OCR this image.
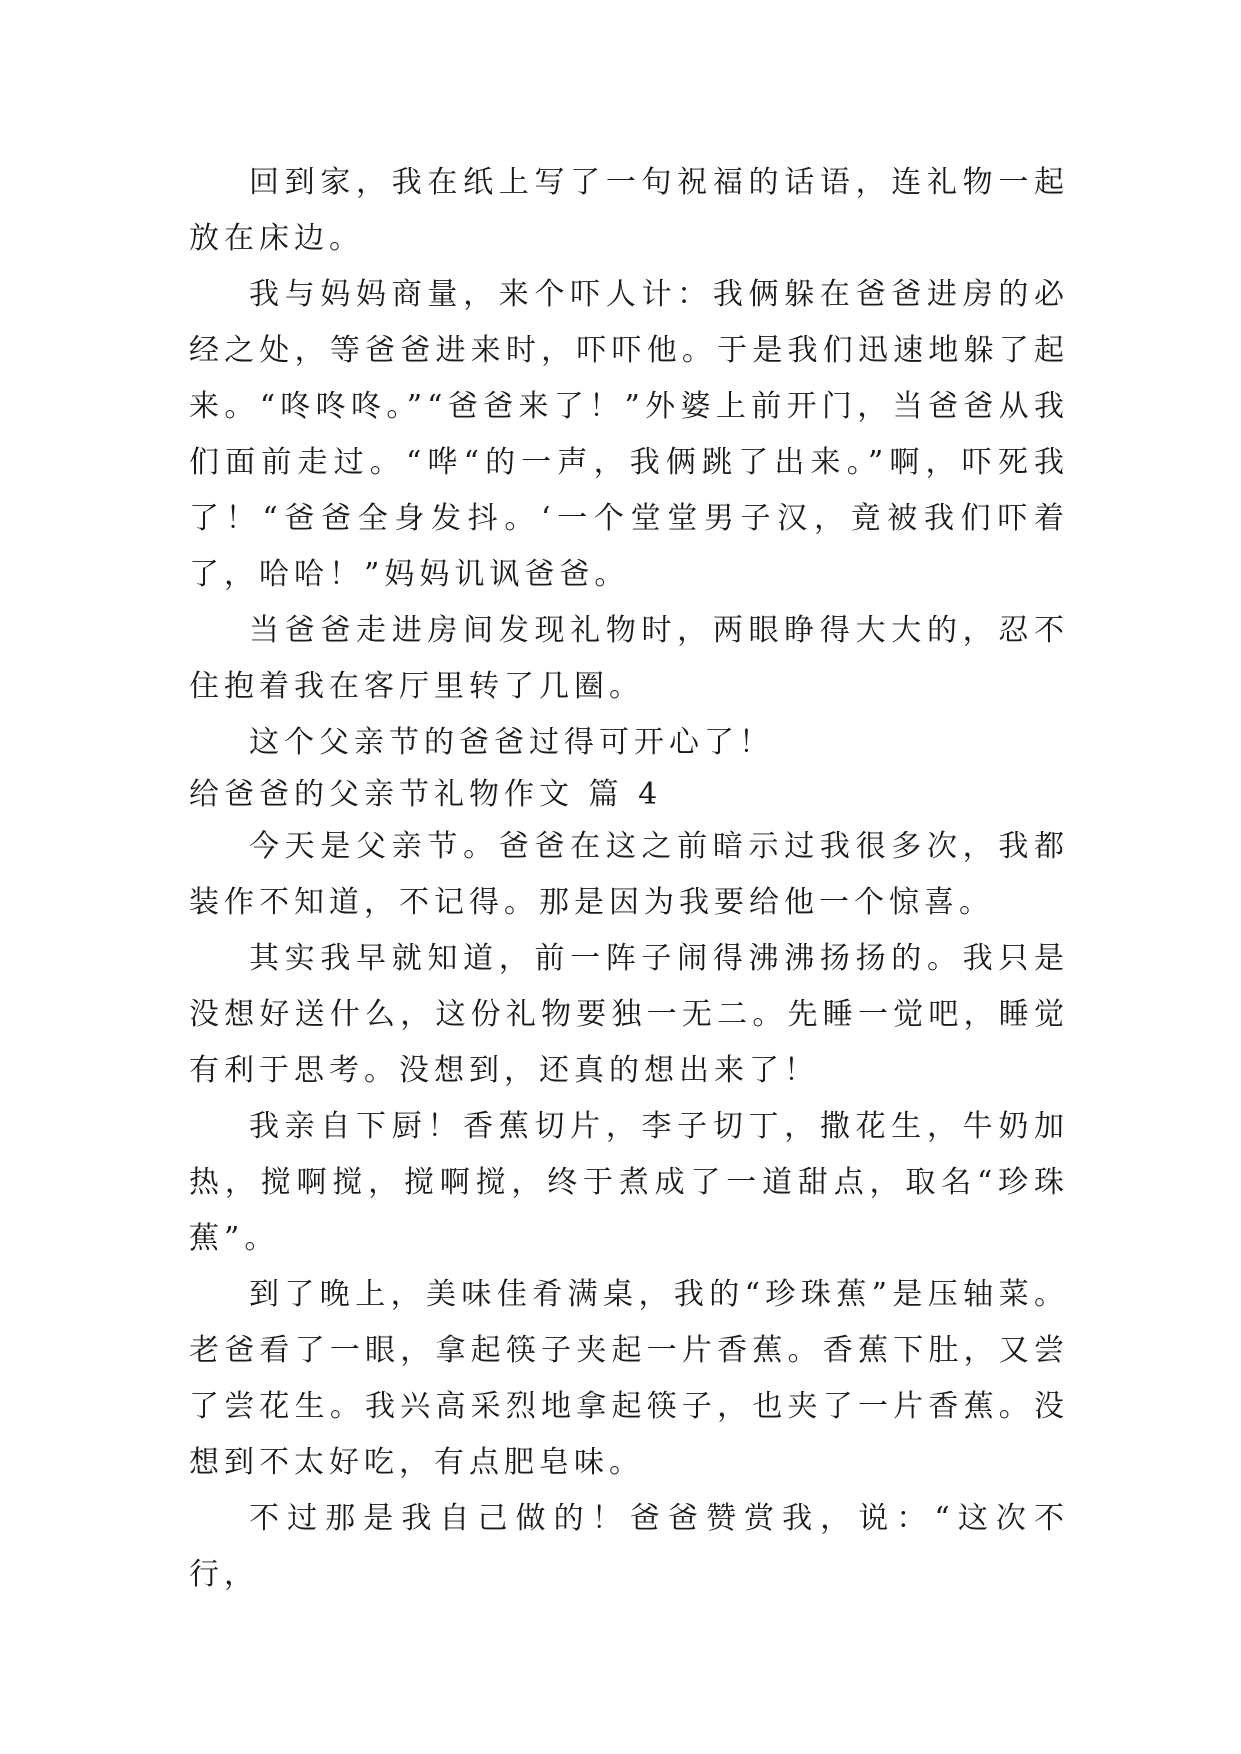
回到家，我在纸上写了一句祝福的话语，连礼物一起放在床边。

我与妈妈商量，来个吓人计：我俩躲在爸爸进房的必经之处，等爸爸进来时，吓吓他。于是我们迅速地躲了起来。“咚咚咚。”“爸爸来了！”外婆上前开门，当爸爸从我们面前走过。“哗“的一声，我俩跳了出来。”啊，吓死我了！“爸爸全身发抖。‘一个堂堂男子汉，竟被我们吓着了，哈哈！”妈妈讥讽爸爸。

当爸爸走进房间发现礼物时，两眼睁得大大的，忍不住抱着我在客厅里转了几圈。

这个父亲节的爸爸过得可开心了！

给爸爸的父亲节礼物作文 篇 4

今天是父亲节。爸爸在这之前暗示过我很多次，我都装作不知道，不记得。那是因为我要给他一个惊喜。

其实我早就知道，前一阵子闹得沸沸扬扬的。我只是没想好送什么，这份礼物要独一无二。先睡一觉吧，睡觉有利于思考。没想到，还真的想出来了！

我亲自下厨！香蕉切片，李子切丁，撒花生，牛奶加热，搅啊搅，搅啊搅，终于煮成了一道甜点，取名“珍珠蕉”。

到了晚上，美味佳肴满桌，我的“珍珠蕉”是压轴菜。老爸看了一眼，拿起筷子夹起一片香蕉。香蕉下肚，又尝了尝花生。我兴高采烈地拿起筷子，也夹了一片香蕉。没想到不太好吃，有点肥皂味。

不过那是我自己做的！爸爸赞赏我，说：“这次不行，
